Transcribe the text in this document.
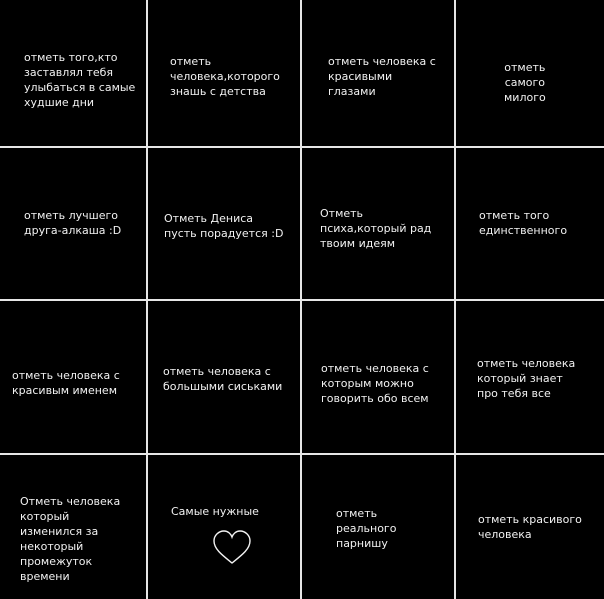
отметь того,кто
заставлял тебя
улыбаться в самые
худшие дни
отметь
человека,которого
знашь с детства
отметь человека с
красивыми
глазами
отметь
самого
милого
отметь лучшего
друга-алкаша :D
Отметь Дениса
пусть порадуется :D
Отметь
психа,который рад
твоим идеям
отметь того
единственного
отметь человека с
красивым именем
отметь человека с
большыми сиськами
отметь человека с
которым можно
говорить обо всем
отметь человека
который знает
про тебя все
Отметь человека
который
изменился за
некоторый
промежуток
времени
Самые нужные	отметь
реального
парнишу
отметь красивого
человека
